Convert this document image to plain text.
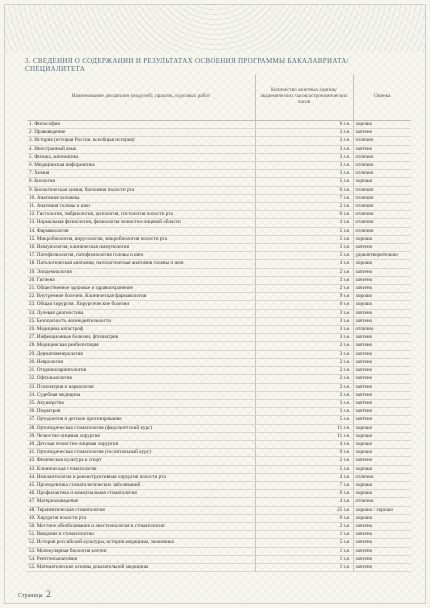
3. СВЕДЕНИЯ О СОДЕРЖАНИИ И РЕЗУЛЬТАТАХ ОСВОЕНИЯ ПРОГРАММЫ БАКАЛАВРИАТА/СПЕЦИАЛИТЕТА
Наименование дисциплин (модулей), практик, курсовых работ	Количество зачетных единиц/академических часов/астрономических часов	Оценка
1. Философия	6 з.е.	хорошо
2. Правоведение	3 з.е.	зачтено
3. История (история России, всеобщая история)	3 з.е.	отлично
4. Иностранный язык	3 з.е.	зачтено
5. Физика, математика	3 з.е.	отлично
6. Медицинская информатика	3 з.е.	отлично
7. Химия	3 з.е.	отлично
8. Биология	5 з.е.	хорошо
9. Биологическая химия, биохимия полости рта	6 з.е.	отлично
10. Анатомия человека	7 з.е.	отлично
11. Анатомия головы и шеи	2 з.е.	отлично
12. Гистология, эмбриология, цитология, гистология полости рта	6 з.е.	отлично
13. Нормальная физиология, физиология челюстно-лицевой области	4 з.е.	отлично
14. Фармакология	5 з.е.	отлично
15. Микробиология, вирусология, микробиология полости рта	5 з.е.	хорошо
16. Иммунология, клиническая иммунология	3 з.е.	зачтено
17. Патофизиология, патофизиология головы и шеи	5 з.е.	удовлетворительно
18. Патологическая анатомия, патологическая анатомия головы и шеи	4 з.е.	хорошо
19. Эпидемиология	2 з.е.	зачтено
20. Гигиена	3 з.е.	зачтено
21. Общественное здоровье и здравоохранение	2 з.е.	зачтено
22. Внутренние болезни. Клиническая фармакология	9 з.е.	хорошо
23. Общая хирургия. Хирургические болезни	6 з.е.	хорошо
24. Лучевая диагностика	3 з.е.	зачтено
25. Безопасность жизнедеятельности	3 з.е.	зачтено
26. Медицина катастроф	3 з.е.	отлично
27. Инфекционные болезни, фтизиатрия	3 з.е.	зачтено
28. Медицинская реабилитация	2 з.е.	зачтено
29. Дерматовенерология	3 з.е.	зачтено
30. Неврология	2 з.е.	зачтено
31. Оториноларингология	2 з.е.	зачтено
32. Офтальмология	2 з.е.	зачтено
33. Психиатрия и наркология	2 з.е.	зачтено
34. Судебная медицина	2 з.е.	зачтено
35. Акушерство	3 з.е.	зачтено
36. Педиатрия	3 з.е.	зачтено
37. Ортодонтия и детское протезирование	5 з.е.	зачтено
38. Ортопедическая стоматология (факультетский курс)	11 з.е.	хорошо
39. Челюстно-лицевая хирургия	11 з.е.	хорошо
40. Детская челюстно-лицевая хирургия	4 з.е.	хорошо
41. Ортопедическая стоматология (госпитальный курс)	9 з.е.	хорошо
42. Физическая культура и спорт	2 з.е.	зачтено
43. Клиническая стоматология	5 з.е.	хорошо
44. Имплантология и реконструктивная хирургия полости рта	4 з.е.	отлично
45. Пропедевтика стоматологических заболеваний	7 з.е.	хорошо
46. Профилактика и коммунальная стоматология	6 з.е.	хорошо
47. Материаловедение	4 з.е.	отлично
48. Терапевтическая стоматология	25 з.е.	хорошо / хорошо
49. Хирургия полости рта	6 з.е.	хорошо
50. Местное обезболивание и анестезиология в стоматологии	2 з.е.	зачтено
51. Введение в стоматологию	1 з.е.	зачтено
52. История российской культуры, история медицины, экономика	5 з.е.	зачтено
53. Молекулярная биология клетки	1 з.е.	зачтено
54. Рентгеноанатомия	1 з.е.	зачтено
55. Математические основы доказательной медицины	1 з.е.	зачтено
Страница 2
